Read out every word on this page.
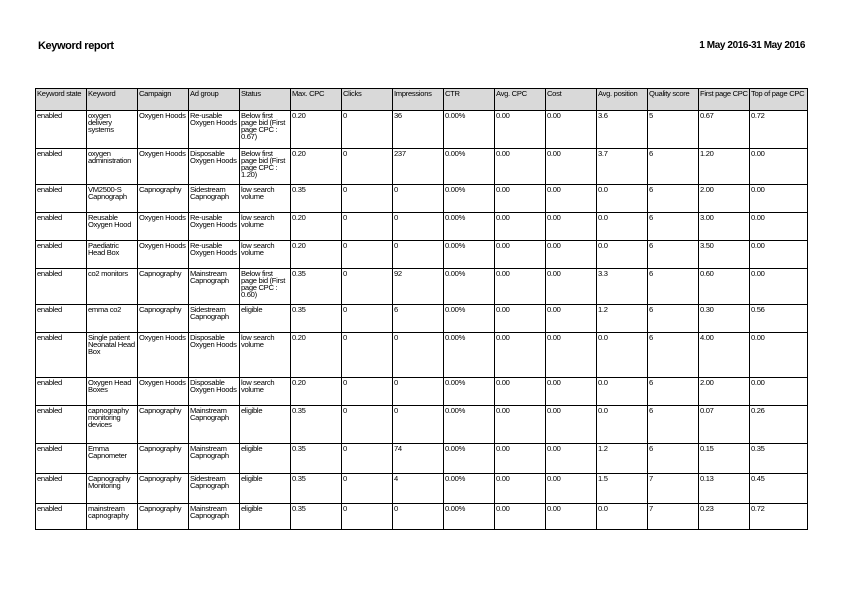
Keyword report	1 May 2016-31 May 2016
Keyword state	Keyword	Campaign	Ad group	Status	Max. CPC	Clicks	Impressions	CTR	Avg. CPC	Cost	Avg. position	Quality score	First page CPC	Top of page CPC

enabled	oxygen delivery systems	Oxygen Hoods	Re-usable Oxygen Hoods	Below first page bid (First page CPC : 0.67)	0.20	0	36	0.00%	0.00	0.00	3.6	5	0.67	0.72

enabled	oxygen administration	Oxygen Hoods	Disposable Oxygen Hoods	Below first page bid (First page CPC : 1.20)	0.20	0	237	0.00%	0.00	0.00	3.7	6	1.20	0.00

enabled	VM2500-S Capnograph	Capnography	Sidestream Capnograph	low search volume	0.35	0	0	0.00%	0.00	0.00	0.0	6	2.00	0.00

enabled	Reusable Oxygen Hood	Oxygen Hoods	Re-usable Oxygen Hoods	low search volume	0.20	0	0	0.00%	0.00	0.00	0.0	6	3.00	0.00

enabled	Paediatric Head Box	Oxygen Hoods	Re-usable Oxygen Hoods	low search volume	0.20	0	0	0.00%	0.00	0.00	0.0	6	3.50	0.00

enabled	co2 monitors	Capnography	Mainstream Capnograph	Below first page bid (First page CPC : 0.60)	0.35	0	92	0.00%	0.00	0.00	3.3	6	0.60	0.00

enabled	emma co2	Capnography	Sidestream Capnograph	eligible	0.35	0	6	0.00%	0.00	0.00	1.2	6	0.30	0.56

enabled	Single patient Neonatal Head Box	Oxygen Hoods	Disposable Oxygen Hoods	low search volume	0.20	0	0	0.00%	0.00	0.00	0.0	6	4.00	0.00

enabled	Oxygen Head Boxes	Oxygen Hoods	Disposable Oxygen Hoods	low search volume	0.20	0	0	0.00%	0.00	0.00	0.0	6	2.00	0.00

enabled	capnography monitoring devices	Capnography	Mainstream Capnograph	eligible	0.35	0	0	0.00%	0.00	0.00	0.0	6	0.07	0.26

enabled	Emma Capnometer	Capnography	Mainstream Capnograph	eligible	0.35	0	74	0.00%	0.00	0.00	1.2	6	0.15	0.35

enabled	Capnography Monitoring	Capnography	Sidestream Capnograph	eligible	0.35	0	4	0.00%	0.00	0.00	1.5	7	0.13	0.45

enabled	mainstream capnography	Capnography	Mainstream Capnograph	eligible	0.35	0	0	0.00%	0.00	0.00	0.0	7	0.23	0.72
